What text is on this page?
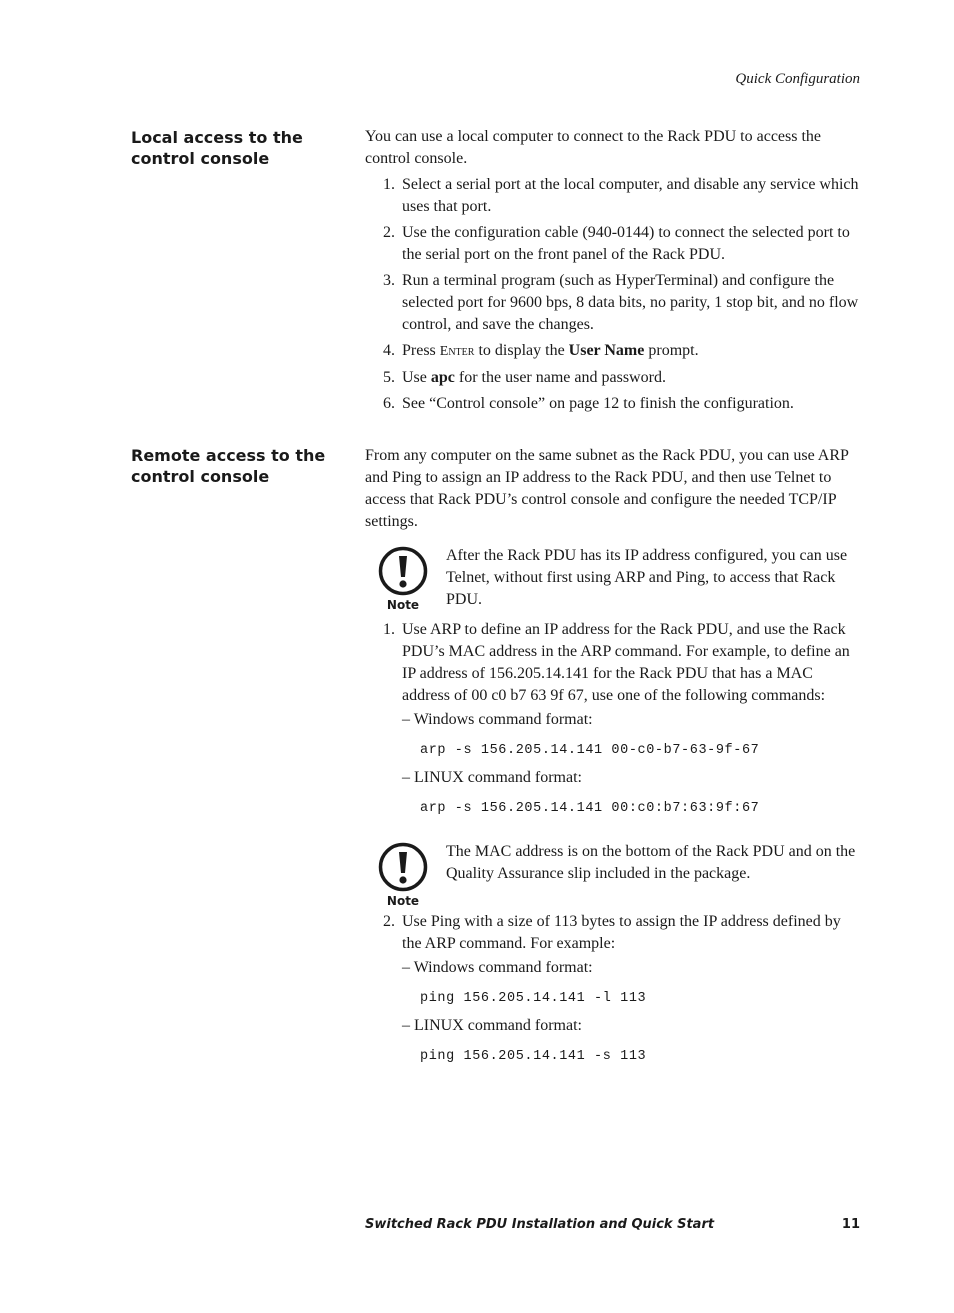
Quick Configuration
Local access to the
control console

You can use a local computer to connect to the Rack PDU to access the control console.

1. Select a serial port at the local computer, and disable any service which uses that port.
2. Use the configuration cable (940-0144) to connect the selected port to the serial port on the front panel of the Rack PDU.
3. Run a terminal program (such as HyperTerminal) and configure the selected port for 9600 bps, 8 data bits, no parity, 1 stop bit, and no flow control, and save the changes.
4. Press Enter to display the User Name prompt.
5. Use apc for the user name and password.
6. See “Control console” on page 12 to finish the configuration.
Remote access to the
control console

From any computer on the same subnet as the Rack PDU, you can use ARP and Ping to assign an IP address to the Rack PDU, and then use Telnet to access that Rack PDU’s control console and configure the needed TCP/IP settings.

Note
After the Rack PDU has its IP address configured, you can use Telnet, without first using ARP and Ping, to access that Rack PDU.
1. Use ARP to define an IP address for the Rack PDU, and use the Rack PDU’s MAC address in the ARP command. For example, to define an IP address of 156.205.14.141 for the Rack PDU that has a MAC address of 00 c0 b7 63 9f 67, use one of the following commands:
– Windows command format:
arp -s 156.205.14.141 00-c0-b7-63-9f-67
– LINUX command format:
arp -s 156.205.14.141 00:c0:b7:63:9f:67
Note
The MAC address is on the bottom of the Rack PDU and on the Quality Assurance slip included in the package.
2. Use Ping with a size of 113 bytes to assign the IP address defined by the ARP command. For example:
– Windows command format:
ping 156.205.14.141 -l 113
– LINUX command format:
ping 156.205.14.141 -s 113
Switched Rack PDU Installation and Quick Start	11
